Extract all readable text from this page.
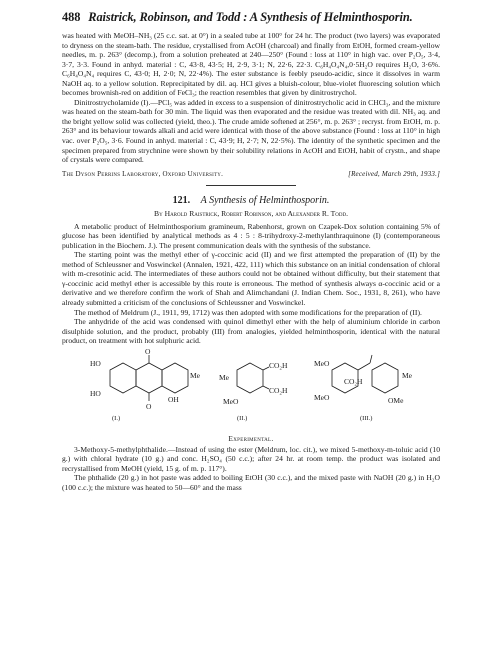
488 Raistrick, Robinson, and Todd : A Synthesis of Helminthosporin.

was heated with MeOH–NH₃ (25 c.c. sat. at 0°) in a sealed tube at 100° for 24 hr. The product (two layers) was evaporated to dryness on the steam-bath. The residue, crystallised from AcOH (charcoal) and finally from EtOH, formed cream-yellow needles, m. p. 263° (decomp.), from a solution preheated at 240—250° (Found : loss at 110° in high vac. over P₂O₅, 3·4, 3·7, 3·3. Found in anhyd. material : C, 43·8, 43·5; H, 2·9, 3·1; N, 22·6, 22·3. C₆H₄O₄N₄,0·5H₂O requires H₂O, 3·6%. C₆H₄O₄N₄ requires C, 43·0; H, 2·0; N, 22·4%). The ester substance is feebly pseudo-acidic, since it dissolves in warm NaOH aq. to a yellow solution. Reprecipitated by dil. aq. HCl gives a bluish-colour, blue-violet fluorescing solution which becomes brownish-red on addition of FeCl₃; the reaction resembles that given by dinitrostrychol.

Dinitrostrycholamide (I).—PCl₅ was added in excess to a suspension of dinitrostrycholic acid in CHCl₃, and the mixture was heated on the steam-bath for 30 min. The liquid was then evaporated and the residue was treated with dil. NH₃ aq. and the bright yellow solid was collected (yield, theo.). The crude amide softened at 256°, m. p. 263° ; recryst. from EtOH, m. p. 263° and its behaviour towards alkali and acid were identical with those of the above substance (Found : loss at 110° in high vac. over P₂O₅, 3·6. Found in anhyd. material : C, 43·9; H, 2·7; N, 22·5%). The identity of the synthetic specimen and the specimen prepared from strychnine were shown by their solubility relations in AcOH and EtOH, habit of crystn., and shape of crystals were compared.

The Dyson Perrins Laboratory, Oxford University.	[Received, March 29th, 1933.]
121. A Synthesis of Helminthosporin.
By Harold Raistrick, Robert Robinson, and Alexander R. Todd.

A metabolic product of Helminthosporium gramineum, Rabenhorst, grown on Czapek-Dox solution containing 5% of glucose has been identified by analytical methods as 4 : 5 : 8-trihydroxy-2-methylanthraquinone (I) (contemporaneous publication in the Biochem. J.). The present communication deals with the synthesis of the substance.

The starting point was the methyl ether of γ-coccinic acid (II) and we first attempted the preparation of (II) by the method of Schleussner and Voswinckel (Annalen, 1921, 422, 111) which this substance on an initial condensation of chloral with m-cresotinic acid. The intermediates of these authors could not be obtained without difficulty, but their statement that γ-coccinic acid methyl ether is accessible by this route is erroneous. The method of synthesis always α-coccinic acid or a derivative and we therefore confirm the work of Shah and Alimchandani (J. Indian Chem. Soc., 1931, 8, 261), who have already submitted a criticism of the conclusions of Schleussner and Voswinckel.

The method of Meldrum (J., 1911, 99, 1712) was then adopted with some modifications for the preparation of (II).

The anhydride of the acid was condensed with quinol dimethyl ether with the help of aluminium chloride in carbon disulphide solution, and the product, probably (III) from analogies, yielded helminthosporin, identical with the natural product, on treatment with hot sulphuric acid.

HO
O
Me
HO
O
OH
(I.)
Me
CO₂H
CO₂H
MeO
(II.)
MeO
Me
CO₂H
MeO	OMe
(III.)
Experimental.

3-Methoxy-5-methylphthalide.—Instead of using the ester (Meldrum, loc. cit.), we mixed 5-methoxy-m-toluic acid (10 g.) with chloral hydrate (10 g.) and conc. H₂SO₄ (50 c.c.); after 24 hr. at room temp. the product was isolated and recrystallised from MeOH (yield, 15 g. of m. p. 117°).

The phthalide (20 g.) in hot paste was added to boiling EtOH (30 c.c.), and the mixed paste with NaOH (20 g.) in H₂O (100 c.c.); the mixture was heated to 50—60° and the mass
